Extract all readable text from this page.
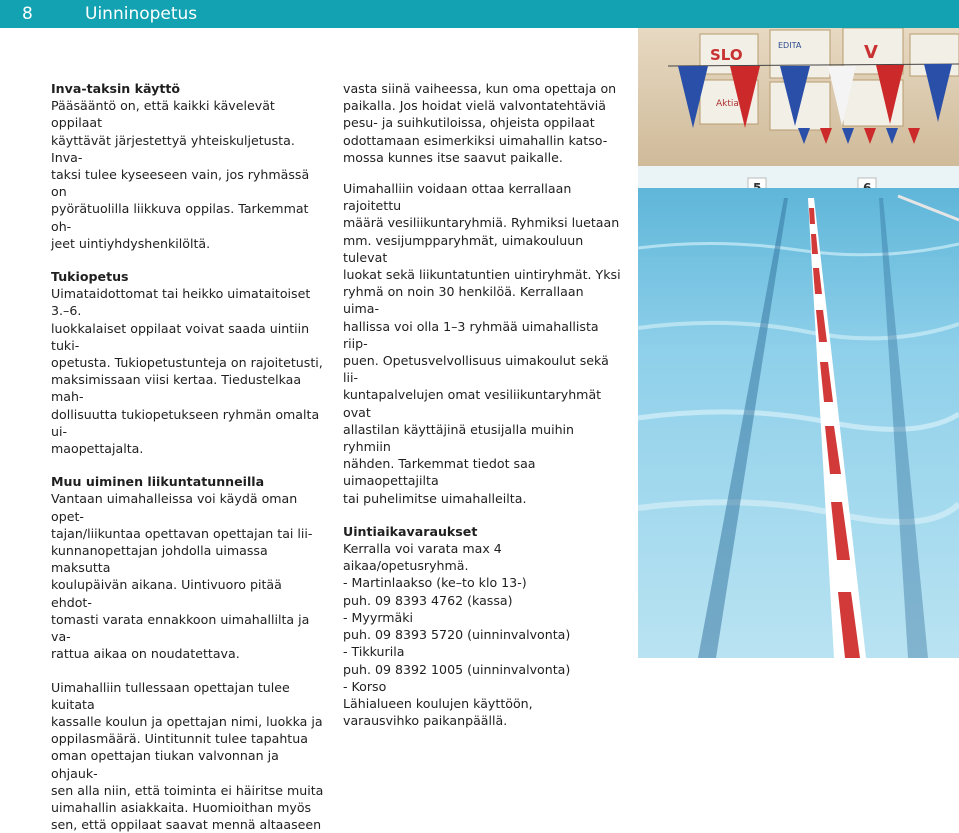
8	Uinninopetus

Inva-taksin käyttö

Pääsääntö on, että kaikki kävelevät oppilaat

käyttävät järjestettyä yhteiskuljetusta. Inva-

taksi tulee kyseeseen vain, jos ryhmässä on

pyörätuolilla liikkuva oppilas. Tarkemmat oh-

jeet uintiyhdyshenkilöltä.

Tukiopetus

Uimataidottomat tai heikko uimataitoiset 3.–6.

luokkalaiset oppilaat voivat saada uintiin tuki-

opetusta. Tukiopetustunteja on rajoitetusti,

maksimissaan viisi kertaa. Tiedustelkaa mah-

dollisuutta tukiopetukseen ryhmän omalta ui-

maopettajalta.

Muu uiminen liikuntatunneilla

Vantaan uimahalleissa voi käydä oman opet-

tajan/liikuntaa opettavan opettajan tai lii-

kunnanopettajan johdolla uimassa maksutta

koulupäivän aikana. Uintivuoro pitää ehdot-

tomasti varata ennakkoon uimahallilta ja va-

rattua aikaa on noudatettava.

Uimahalliin tullessaan opettajan tulee kuitata

kassalle koulun ja opettajan nimi, luokka ja

oppilasmäärä. Uintitunnit tulee tapahtua

oman opettajan tiukan valvonnan ja ohjauk-

sen alla niin, että toiminta ei häiritse muita

uimahallin asiakkaita. Huomioithan myös

sen, että oppilaat saavat mennä altaaseen

vasta siinä vaiheessa, kun oma opettaja on

paikalla. Jos hoidat vielä valvontatehtäviä

pesu- ja suihkutiloissa, ohjeista oppilaat

odottamaan esimerkiksi uimahallin katso-

mossa kunnes itse saavut paikalle.

Uimahalliin voidaan ottaa kerrallaan rajoitettu

määrä vesiliikuntaryhmiä. Ryhmiksi luetaan

mm. vesijumpparyhmät, uimakouluun tulevat

luokat sekä liikuntatuntien uintiryhmät. Yksi

ryhmä on noin 30 henkilöä. Kerrallaan uima-

hallissa voi olla 1–3 ryhmää uimahallista riip-

puen. Opetusvelvollisuus uimakoulut sekä lii-

kuntapalvelujen omat vesiliikuntaryhmät ovat

allastilan käyttäjinä etusijalla muihin ryhmiin

nähden. Tarkemmat tiedot saa uimaopettajilta

tai puhelimitse uimahalleilta.

Uintiaikavaraukset

Kerralla voi varata max 4 aikaa/opetusryhmä.

- Martinlaakso (ke–to klo 13-)

puh. 09 8393 4762 (kassa)

- Myyrmäki

puh. 09 8393 5720 (uinninvalvonta)

- Tikkurila

puh. 09 8392 1005 (uinninvalvonta)

- Korso

Lähialueen koulujen käyttöön,

varausvihko paikanpäällä.

SLO
EDITA	V
Aktia
